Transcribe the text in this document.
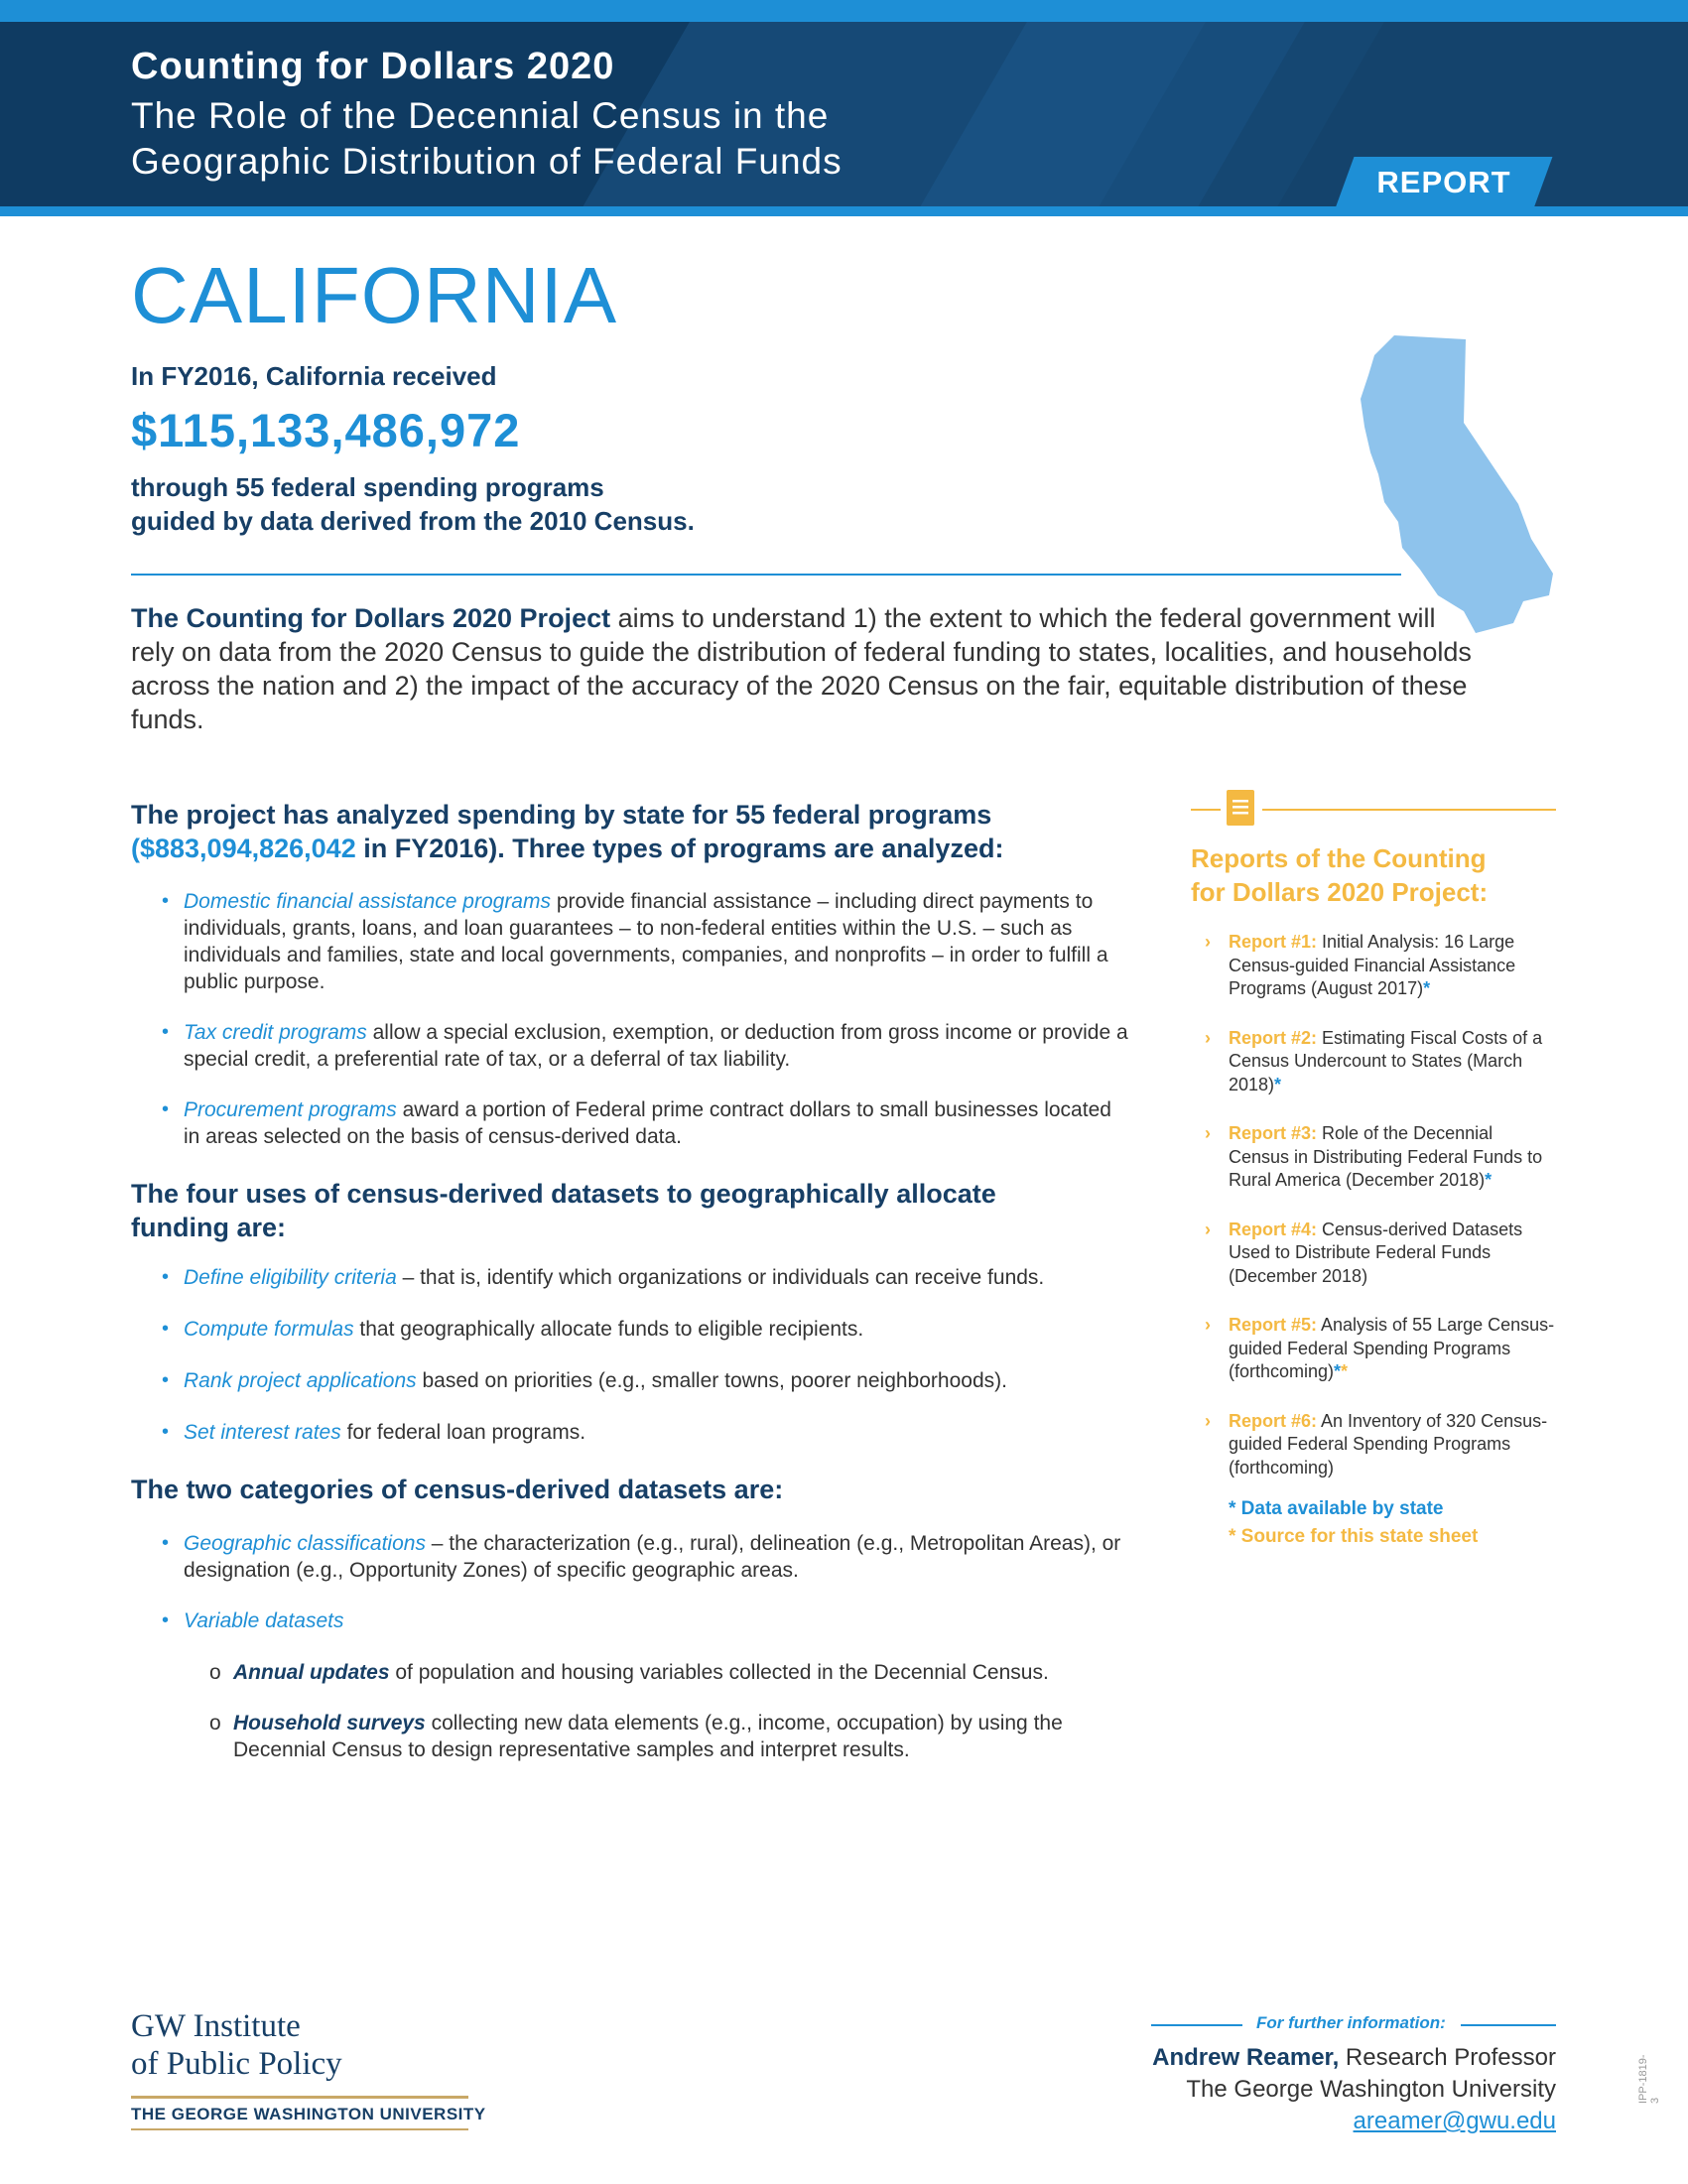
Counting for Dollars 2020
The Role of the Decennial Census in the
Geographic Distribution of Federal Funds
REPORT
CALIFORNIA
In FY2016, California received
$115,133,486,972
through 55 federal spending programs
guided by data derived from the 2010 Census.
The Counting for Dollars 2020 Project aims to understand 1) the extent to which the federal government will rely on data from the 2020 Census to guide the distribution of federal funding to states, localities, and households across the nation and 2) the impact of the accuracy of the 2020 Census on the fair, equitable distribution of these funds.
The project has analyzed spending by state for 55 federal programs
($883,094,826,042 in FY2016). Three types of programs are analyzed:
• Domestic financial assistance programs provide financial assistance – including direct payments to individuals, grants, loans, and loan guarantees – to non-federal entities within the U.S. – such as individuals and families, state and local governments, companies, and nonprofits – in order to fulfill a public purpose.
• Tax credit programs allow a special exclusion, exemption, or deduction from gross income or provide a special credit, a preferential rate of tax, or a deferral of tax liability.
• Procurement programs award a portion of Federal prime contract dollars to small businesses located in areas selected on the basis of census-derived data.
The four uses of census-derived datasets to geographically allocate
funding are:
• Define eligibility criteria – that is, identify which organizations or individuals can receive funds.
• Compute formulas that geographically allocate funds to eligible recipients.
• Rank project applications based on priorities (e.g., smaller towns, poorer neighborhoods).
• Set interest rates for federal loan programs.
The two categories of census-derived datasets are:
• Geographic classifications – the characterization (e.g., rural), delineation (e.g., Metropolitan Areas), or designation (e.g., Opportunity Zones) of specific geographic areas.
• Variable datasets
o Annual updates of population and housing variables collected in the Decennial Census.
o Household surveys collecting new data elements (e.g., income, occupation) by using the Decennial Census to design representative samples and interpret results.
Reports of the Counting
for Dollars 2020 Project:
› Report #1: Initial Analysis: 16 Large Census-guided Financial Assistance Programs (August 2017)*
› Report #2: Estimating Fiscal Costs of a Census Undercount to States (March 2018)*
› Report #3: Role of the Decennial Census in Distributing Federal Funds to Rural America (December 2018)*
› Report #4: Census-derived Datasets Used to Distribute Federal Funds (December 2018)
› Report #5: Analysis of 55 Large Census-guided Federal Spending Programs (forthcoming)**
› Report #6: An Inventory of 320 Census-guided Federal Spending Programs (forthcoming)
* Data available by state
* Source for this state sheet
GW Institute
of Public Policy
THE GEORGE WASHINGTON UNIVERSITY
For further information:
Andrew Reamer, Research Professor
The George Washington University
areamer@gwu.edu
IPP-1819-3
